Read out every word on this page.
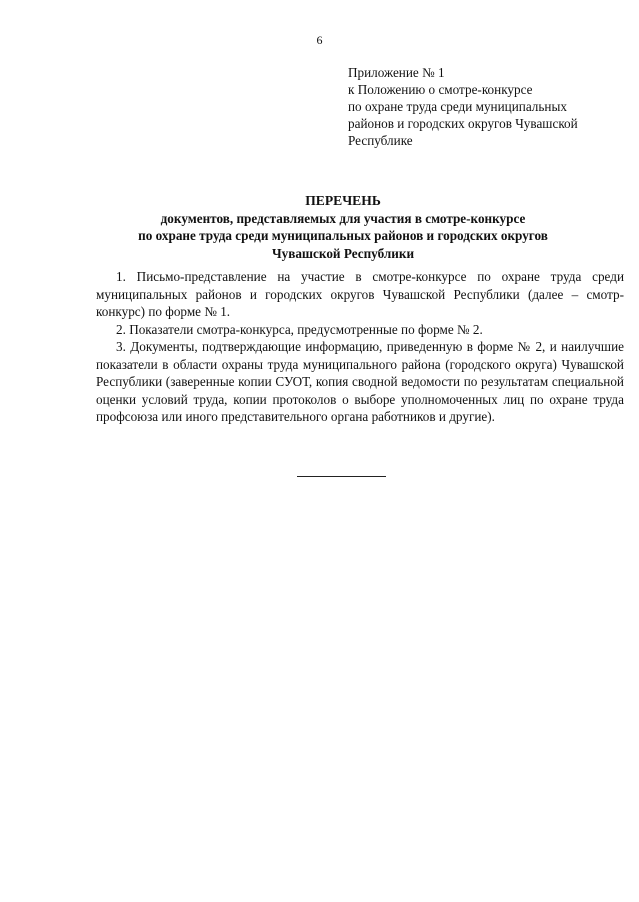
6
Приложение № 1
к Положению о смотре-конкурсе
по охране труда среди муниципальных
районов и городских округов Чувашской
Республике
ПЕРЕЧЕНЬ
документов, представляемых для участия в смотре-конкурсе
по охране труда среди муниципальных районов и городских округов
Чувашской Республики

1. Письмо-представление на участие в смотре-конкурсе по охране труда среди муниципальных районов и городских округов Чувашской Республики (далее – смотр-конкурс) по форме № 1.

2. Показатели смотра-конкурса, предусмотренные по форме № 2.

3. Документы, подтверждающие информацию, приведенную в форме № 2, и наилучшие показатели в области охраны труда муниципального района (городского округа) Чувашской Республики (заверенные копии СУОТ, копия сводной ведомости по результатам специальной оценки условий труда, копии протоколов о выборе уполномоченных лиц по охране труда профсоюза или иного представительного органа работников и другие).
